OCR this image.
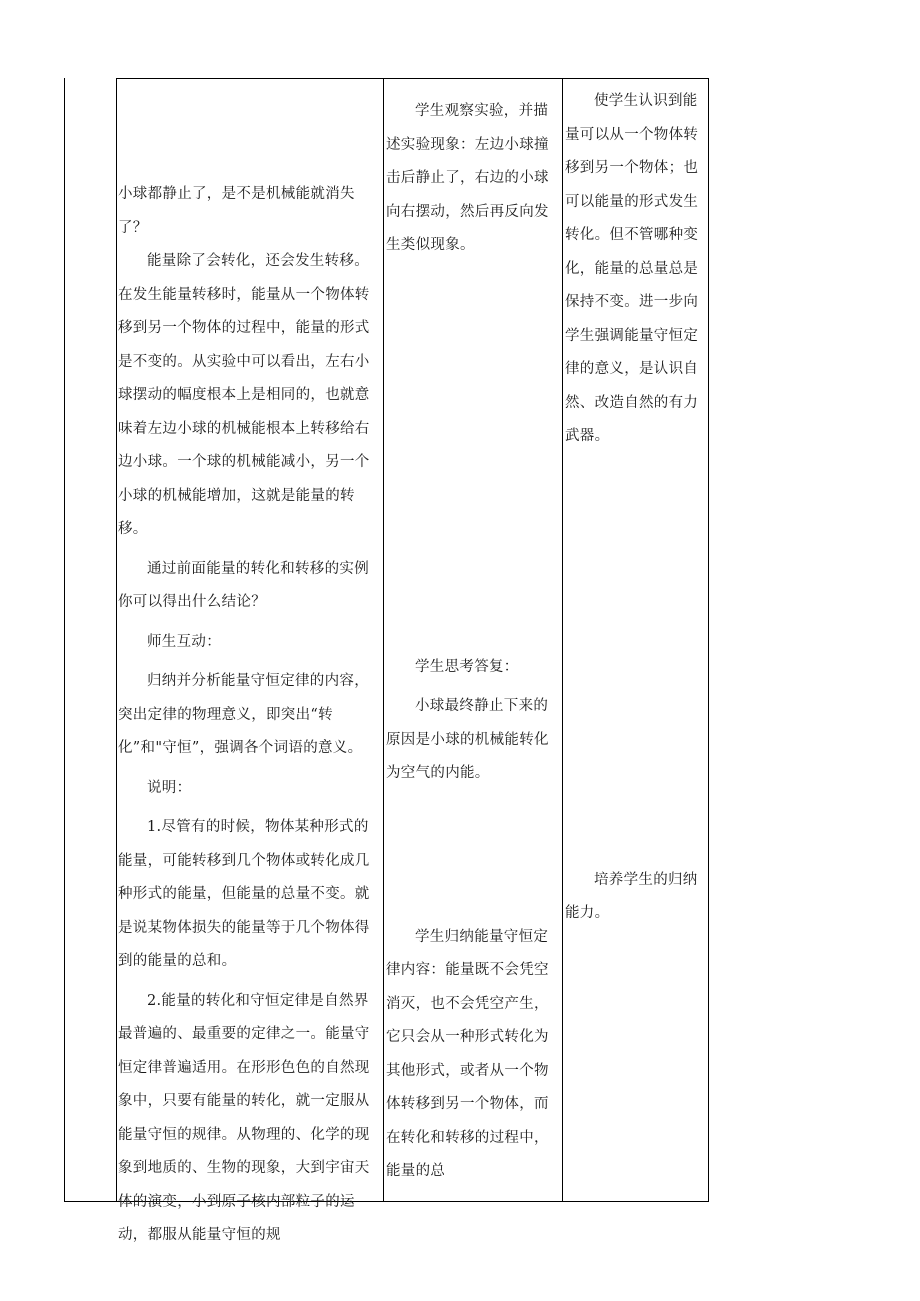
小球都静止了，是不是机械能就消失了？

能量除了会转化，还会发生转移。在发生能量转移时，能量从一个物体转移到另一个物体的过程中，能量的形式是不变的。从实验中可以看出，左右小球摆动的幅度根本上是相同的，也就意味着左边小球的机械能根本上转移给右边小球。一个球的机械能减小，另一个小球的机械能增加，这就是能量的转移。

通过前面能量的转化和转移的实例你可以得出什么结论？

师生互动：

归纳并分析能量守恒定律的内容，突出定律的物理意义，即突出“转化”和"守恒”，强调各个词语的意义。

说明：

1.尽管有的时候，物体某种形式的能量，可能转移到几个物体或转化成几种形式的能量，但能量的总量不变。就是说某物体损失的能量等于几个物体得到的能量的总和。

2.能量的转化和守恒定律是自然界最普遍的、最重要的定律之一。能量守恒定律普遍适用。在形形色色的自然现象中，只要有能量的转化，就一定服从能量守恒的规律。从物理的、化学的现象到地质的、生物的现象，大到宇宙天体的演变，小到原子核内部粒子的运动，都服从能量守恒的规

学生观察实验，并描述实验现象：左边小球撞击后静止了，右边的小球向右摆动，然后再反向发生类似现象。

学生思考答复：

小球最终静止下来的原因是小球的机械能转化为空气的内能。

学生归纳能量守恒定律内容：能量既不会凭空消灭，也不会凭空产生，它只会从一种形式转化为其他形式，或者从一个物体转移到另一个物体，而在转化和转移的过程中，能量的总

使学生认识到能量可以从一个物体转移到另一个物体；也可以能量的形式发生转化。但不管哪种变化，能量的总量总是保持不变。进一步向学生强调能量守恒定律的意义，是认识自然、改造自然的有力武器。

培养学生的归纳能力。
